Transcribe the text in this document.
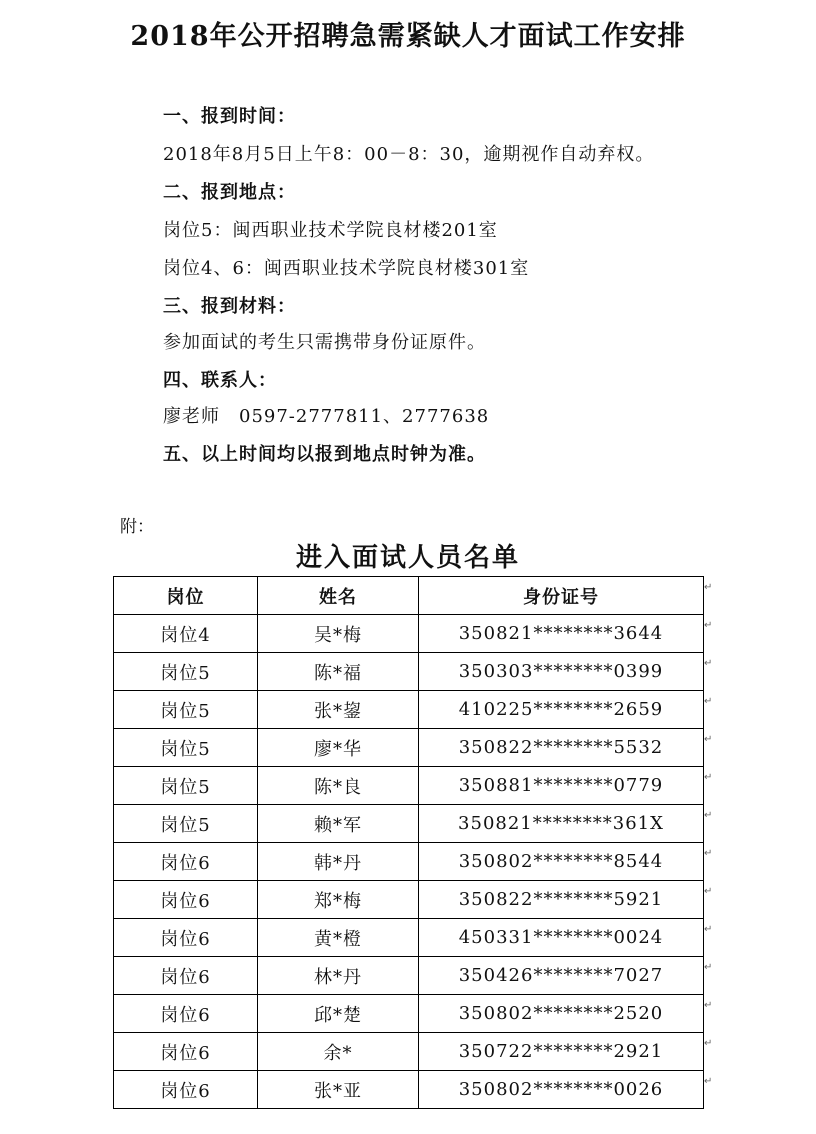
2018年公开招聘急需紧缺人才面试工作安排
一、报到时间：
2018年8月5日上午8：00－8：30，逾期视作自动弃权。
二、报到地点：
岗位5：闽西职业技术学院良材楼201室
岗位4、6：闽西职业技术学院良材楼301室
三、报到材料：
参加面试的考生只需携带身份证原件。
四、联系人：
廖老师　0597-2777811、2777638
五、以上时间均以报到地点时钟为准。
附：
进入面试人员名单
岗位	姓名	身份证号
岗位4	吴*梅	350821********3644
岗位5	陈*福	350303********0399
岗位5	张*鋆	410225********2659
岗位5	廖*华	350822********5532
岗位5	陈*良	350881********0779
岗位5	赖*军	350821********361X
岗位6	韩*丹	350802********8544
岗位6	郑*梅	350822********5921
岗位6	黄*橙	450331********0024
岗位6	林*丹	350426********7027
岗位6	邱*楚	350802********2520
岗位6	余*	350722********2921
岗位6	张*亚	350802********0026
↵
↵
↵
↵
↵
↵
↵
↵
↵
↵
↵
↵
↵
↵
